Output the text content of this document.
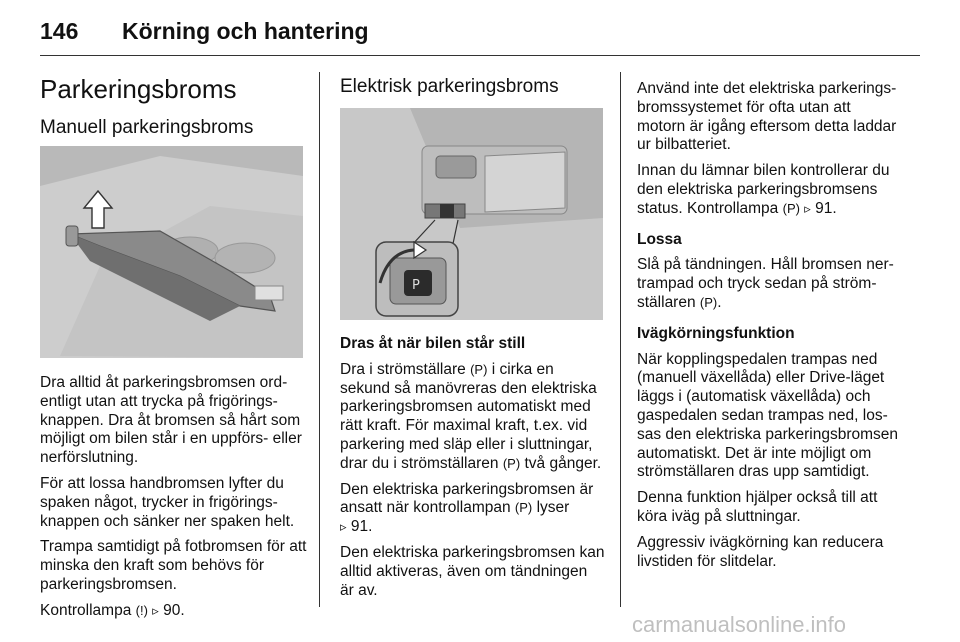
146 Körning och hantering
Parkeringsbroms
Manuell parkeringsbroms

Dra alltid åt parkeringsbromsen ordentligt utan att trycka på frigöringsknappen. Dra åt bromsen så hårt som möjligt om bilen står i en uppförs- eller nerförslutning.

För att lossa handbromsen lyfter du spaken något, trycker in frigöringsknappen och sänker ner spaken helt.

Trampa samtidigt på fotbromsen för att minska den kraft som behövs för parkeringsbromsen.

Kontrollampa (!) ▹ 90.

Elektrisk parkeringsbroms

P

Dras åt när bilen står still

Dra i strömställare (P) i cirka en sekund så manövreras den elektriska parkeringsbromsen automatiskt med rätt kraft. För maximal kraft, t.ex. vid parkering med släp eller i sluttningar, drar du i strömställaren (P) två gånger.

Den elektriska parkeringsbromsen är ansatt när kontrollampan (P) lyser
▹ 91.

Den elektriska parkeringsbromsen kan alltid aktiveras, även om tändningen är av.

Använd inte det elektriska parkeringsbromssystemet för ofta utan att motorn är igång eftersom detta laddar ur bilbatteriet.

Innan du lämnar bilen kontrollerar du den elektriska parkeringsbromsens status. Kontrollampa (P) ▹ 91.

Lossa

Slå på tändningen. Håll bromsen nertrampad och tryck sedan på strömställaren (P).

Ivägkörningsfunktion

När kopplingspedalen trampas ned (manuell växellåda) eller Drive-läget läggs i (automatisk växellåda) och gaspedalen sedan trampas ned, lossas den elektriska parkeringsbromsen automatiskt. Det är inte möjligt om strömställaren dras upp samtidigt.

Denna funktion hjälper också till att köra iväg på sluttningar.

Aggressiv ivägkörning kan reducera livstiden för slitdelar.

carmanualsonline.info
